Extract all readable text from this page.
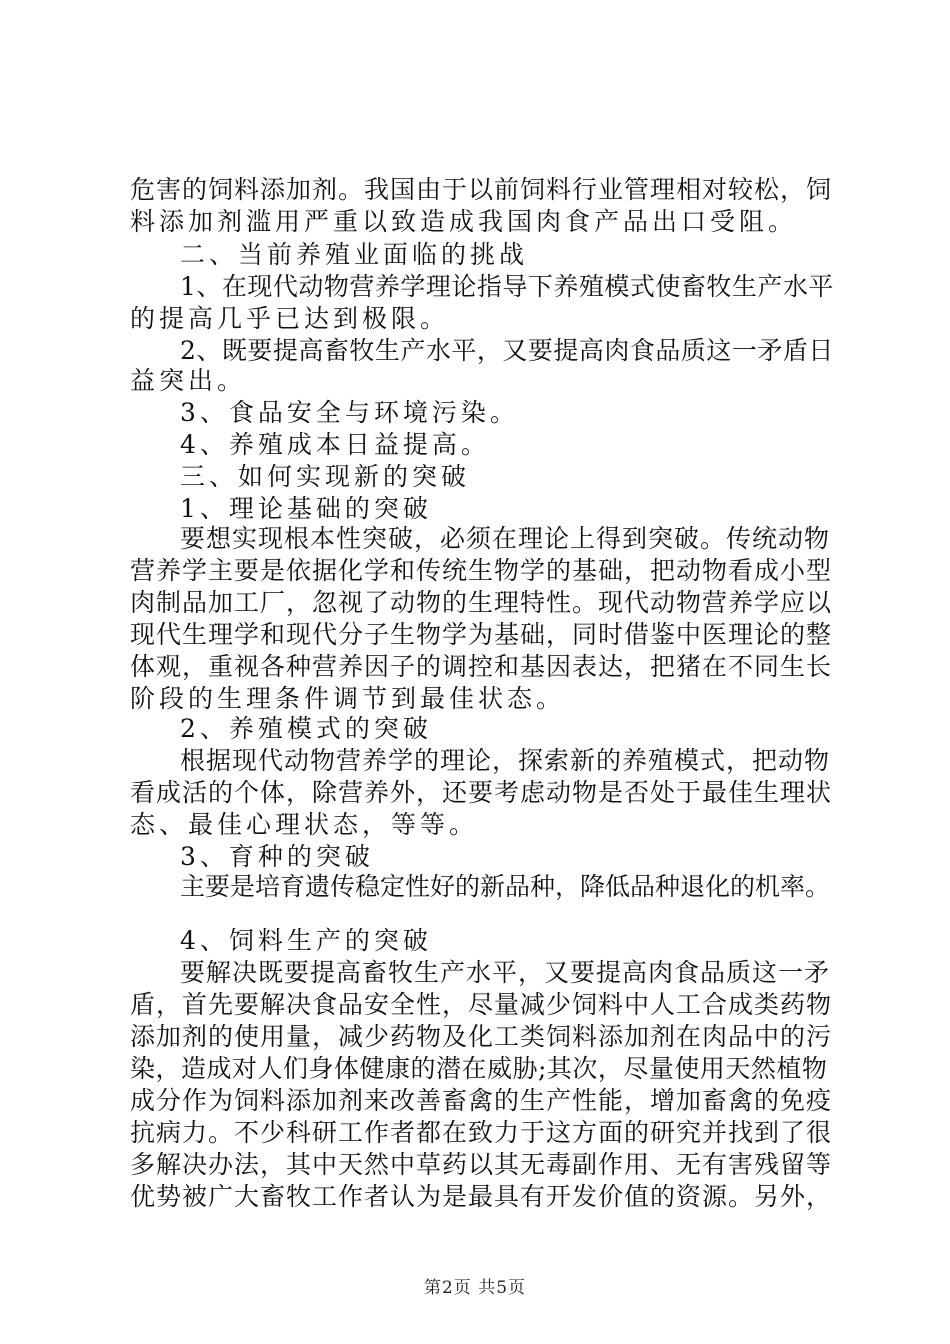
危害的饲料添加剂。我国由于以前饲料行业管理相对较松，饲
料添加剂滥用严重以致造成我国肉食产品出口受阻。
二、当前养殖业面临的挑战
1、在现代动物营养学理论指导下养殖模式使畜牧生产水平
的提高几乎已达到极限。
2、既要提高畜牧生产水平，又要提高肉食品质这一矛盾日
益突出。
3、食品安全与环境污染。
4、养殖成本日益提高。
三、如何实现新的突破
1、理论基础的突破
要想实现根本性突破，必须在理论上得到突破。传统动物
营养学主要是依据化学和传统生物学的基础，把动物看成小型
肉制品加工厂，忽视了动物的生理特性。现代动物营养学应以
现代生理学和现代分子生物学为基础，同时借鉴中医理论的整
体观，重视各种营养因子的调控和基因表达，把猪在不同生长
阶段的生理条件调节到最佳状态。
2、养殖模式的突破
根据现代动物营养学的理论，探索新的养殖模式，把动物
看成活的个体，除营养外，还要考虑动物是否处于最佳生理状
态、最佳心理状态，等等。
3、育种的突破
主要是培育遗传稳定性好的新品种，降低品种退化的机率。
4、饲料生产的突破
要解决既要提高畜牧生产水平，又要提高肉食品质这一矛
盾，首先要解决食品安全性，尽量减少饲料中人工合成类药物
添加剂的使用量，减少药物及化工类饲料添加剂在肉品中的污
染，造成对人们身体健康的潜在威胁;其次，尽量使用天然植物
成分作为饲料添加剂来改善畜禽的生产性能，增加畜禽的免疫
抗病力。不少科研工作者都在致力于这方面的研究并找到了很
多解决办法，其中天然中草药以其无毒副作用、无有害残留等
优势被广大畜牧工作者认为是最具有开发价值的资源。另外，
第2页 共5页
